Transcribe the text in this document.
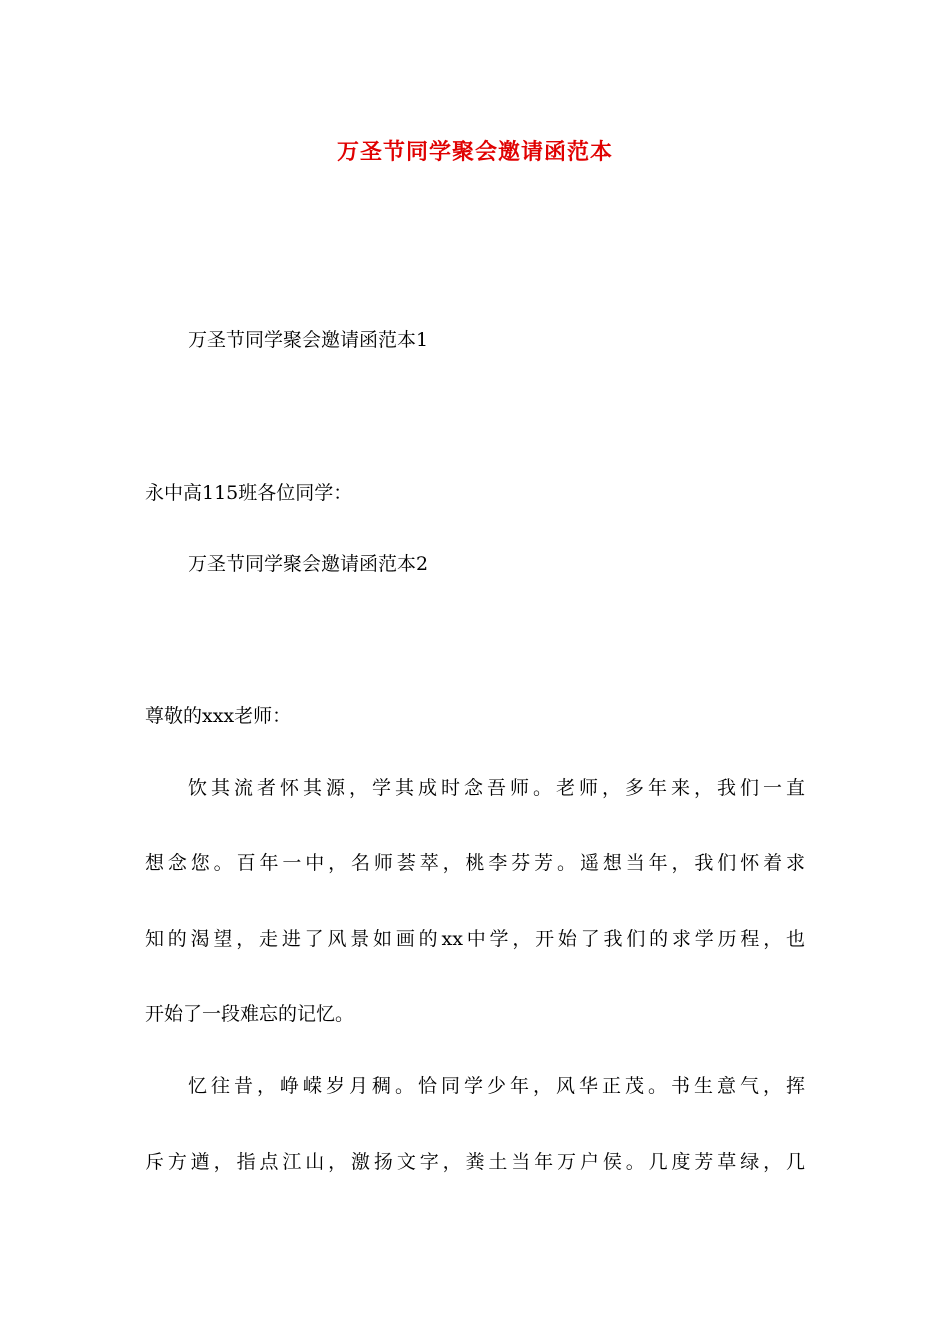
万圣节同学聚会邀请函范本
万圣节同学聚会邀请函范本1
永中高115班各位同学：
万圣节同学聚会邀请函范本2
尊敬的xxx老师：
饮其流者怀其源，学其成时念吾师。老师，多年来，我们一直
想念您。百年一中，名师荟萃，桃李芬芳。遥想当年，我们怀着求
知的渴望，走进了风景如画的xx中学，开始了我们的求学历程，也
开始了一段难忘的记忆。
忆往昔，峥嵘岁月稠。恰同学少年，风华正茂。书生意气，挥
斥方遒，指点江山，激扬文字，粪土当年万户侯。几度芳草绿，几
